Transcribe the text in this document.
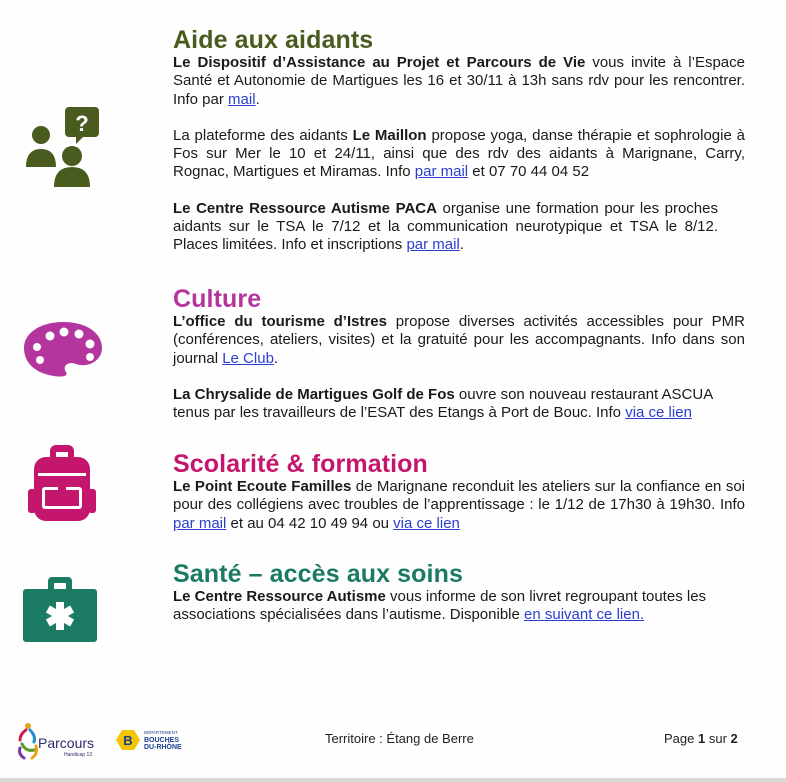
?
Aide aux aidants

Le Dispositif d’Assistance au Projet et Parcours de Vie vous invite à l’Espace Santé et Autonomie de Martigues les 16 et 30/11 à 13h sans rdv pour les rencontrer. Info par mail.

La plateforme des aidants Le Maillon propose yoga, danse thérapie et sophrologie à Fos sur Mer le 10 et 24/11, ainsi que des rdv des aidants à Marignane, Carry, Rognac, Martigues et Miramas. Info par mail et 07 70 44 04 52

Le Centre Ressource Autisme PACA organise une formation pour les proches aidants sur le TSA le 7/12 et la communication neurotypique et TSA le 8/12. Places limitées. Info et inscriptions par mail.

Culture

L’office du tourisme d’Istres propose diverses activités accessibles pour PMR (conférences, ateliers, visites) et la gratuité pour les accompagnants. Info dans son journal Le Club.

La Chrysalide de Martigues Golf de Fos ouvre son nouveau restaurant ASCUA tenus par les travailleurs de l’ESAT des Etangs à Port de Bouc. Info via ce lien

Scolarité & formation

Le Point Ecoute Familles de Marignane reconduit les ateliers sur la confiance en soi pour des collégiens avec troubles de l’apprentissage : le 1/12 de 17h30 à 19h30. Info par mail et au 04 42 10 49 94 ou via ce lien

Santé – accès aux soins

Le Centre Ressource Autisme vous informe de son livret regroupant toutes les associations spécialisées dans l’autisme. Disponible en suivant ce lien.

Parcours
Handicap 13
B
DÉPARTEMENT
BOUCHES
DU-RHÔNE
Territoire : Étang de Berre	Page 1 sur 2
